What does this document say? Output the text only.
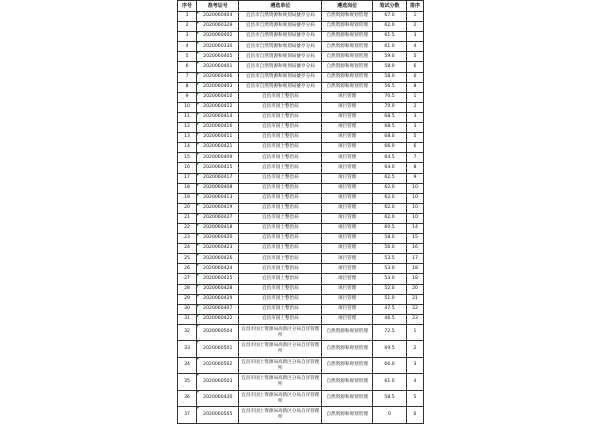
序号	准考证号	遴选单位	遴选岗位	笔试分数	排序
1	2020060404	宜昌市自然资源和规划局猇亭分局	自然资源和规划管理	67.0	1
2	2020060329	宜昌市自然资源和规划局猇亭分局	自然资源和规划管理	62.0	2
3	2020060402	宜昌市自然资源和规划局猇亭分局	自然资源和规划管理	61.5	3
4	2020060330	宜昌市自然资源和规划局猇亭分局	自然资源和规划管理	61.0	4
5	2020060405	宜昌市自然资源和规划局猇亭分局	自然资源和规划管理	59.0	5
6	2020060401	宜昌市自然资源和规划局猇亭分局	自然资源和规划管理	58.0	6
7	2020060406	宜昌市自然资源和规划局猇亭分局	自然资源和规划管理	58.0	6
8	2020060403	宜昌市自然资源和规划局猇亭分局	自然资源和规划管理	56.5	8
9	2020060410	宜昌市国土整治局	项目管理	70.5	1
10	2020060412	宜昌市国土整治局	项目管理	70.0	2
11	2020060414	宜昌市国土整治局	项目管理	68.5	3
12	2020060416	宜昌市国土整治局	项目管理	68.5	3
13	2020060411	宜昌市国土整治局	项目管理	68.0	5
14	2020060421	宜昌市国土整治局	项目管理	66.0	6
15	2020060409	宜昌市国土整治局	项目管理	64.5	7
16	2020060415	宜昌市国土整治局	项目管理	64.0	8
17	2020060417	宜昌市国土整治局	项目管理	62.5	9
18	2020060408	宜昌市国土整治局	项目管理	62.0	10
19	2020060413	宜昌市国土整治局	项目管理	62.0	10
20	2020060419	宜昌市国土整治局	项目管理	62.0	10
21	2020060427	宜昌市国土整治局	项目管理	62.0	10
22	2020060418	宜昌市国土整治局	项目管理	60.5	14
23	2020060420	宜昌市国土整治局	项目管理	58.0	15
24	2020060423	宜昌市国土整治局	项目管理	56.0	16
25	2020060426	宜昌市国土整治局	项目管理	53.5	17
26	2020060424	宜昌市国土整治局	项目管理	53.0	18
27	2020060425	宜昌市国土整治局	项目管理	53.0	18
28	2020060428	宜昌市国土整治局	项目管理	52.0	20
29	2020060429	宜昌市国土整治局	项目管理	51.0	21
30	2020060407	宜昌市国土整治局	项目管理	47.5	22
31	2020060422	宜昌市国土整治局	项目管理	46.5	23
32	2020060504	宜昌市国土资源局高新区分局自洋管理所	自然资源和规划管理	72.5	1
33	2020060501	宜昌市国土资源局高新区分局自洋管理所	自然资源和规划管理	69.5	2
34	2020060502	宜昌市国土资源局高新区分局自洋管理所	自然资源和规划管理	66.0	3
35	2020060503	宜昌市国土资源局高新区分局自洋管理所	自然资源和规划管理	61.0	4
36	2020060430	宜昌市国土资源局高新区分局自洋管理所	自然资源和规划管理	58.5	5
37	2020060505	宜昌市国土资源局高新区分局自洋管理所	自然资源和规划管理	0	6
